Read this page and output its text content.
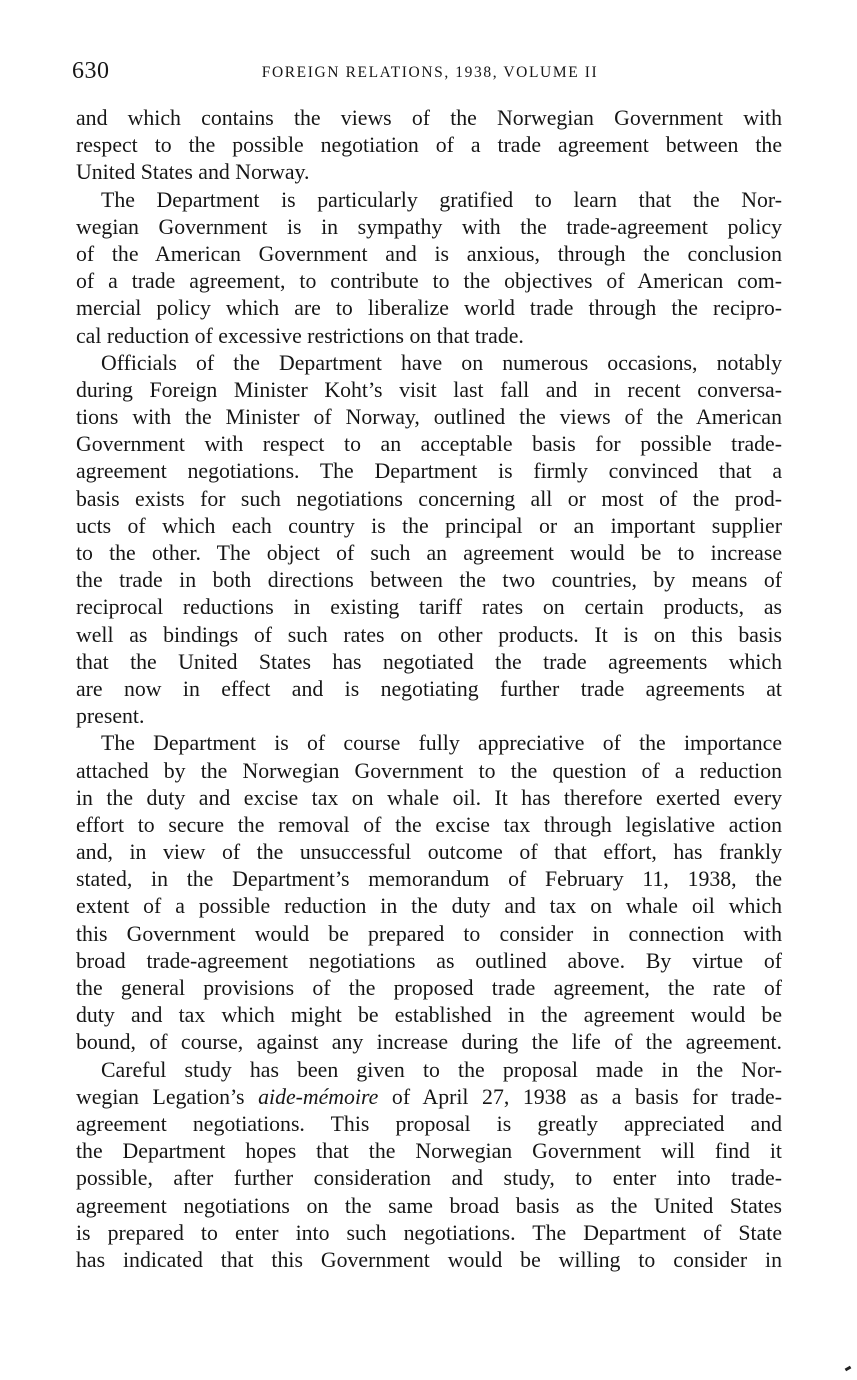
630	FOREIGN RELATIONS, 1938, VOLUME II
and which contains the views of the Norwegian Government with
respect to the possible negotiation of a trade agreement between the
United States and Norway.
The Department is particularly gratified to learn that the Nor-
wegian Government is in sympathy with the trade-agreement policy
of the American Government and is anxious, through the conclusion
of a trade agreement, to contribute to the objectives of American com-
mercial policy which are to liberalize world trade through the recipro-
cal reduction of excessive restrictions on that trade.
Officials of the Department have on numerous occasions, notably
during Foreign Minister Koht’s visit last fall and in recent conversa-
tions with the Minister of Norway, outlined the views of the American
Government with respect to an acceptable basis for possible trade-
agreement negotiations. The Department is firmly convinced that a
basis exists for such negotiations concerning all or most of the prod-
ucts of which each country is the principal or an important supplier
to the other. The object of such an agreement would be to increase
the trade in both directions between the two countries, by means of
reciprocal reductions in existing tariff rates on certain products, as
well as bindings of such rates on other products. It is on this basis
that the United States has negotiated the trade agreements which
are now in effect and is negotiating further trade agreements at
present.
The Department is of course fully appreciative of the importance
attached by the Norwegian Government to the question of a reduction
in the duty and excise tax on whale oil. It has therefore exerted every
effort to secure the removal of the excise tax through legislative action
and, in view of the unsuccessful outcome of that effort, has frankly
stated, in the Department’s memorandum of February 11, 1938, the
extent of a possible reduction in the duty and tax on whale oil which
this Government would be prepared to consider in connection with
broad trade-agreement negotiations as outlined above. By virtue of
the general provisions of the proposed trade agreement, the rate of
duty and tax which might be established in the agreement would be
bound, of course, against any increase during the life of the agreement.
Careful study has been given to the proposal made in the Nor-
wegian Legation’s aide-mémoire of April 27, 1938 as a basis for trade-
agreement negotiations. This proposal is greatly appreciated and
the Department hopes that the Norwegian Government will find it
possible, after further consideration and study, to enter into trade-
agreement negotiations on the same broad basis as the United States
is prepared to enter into such negotiations. The Department of State
has indicated that this Government would be willing to consider in
